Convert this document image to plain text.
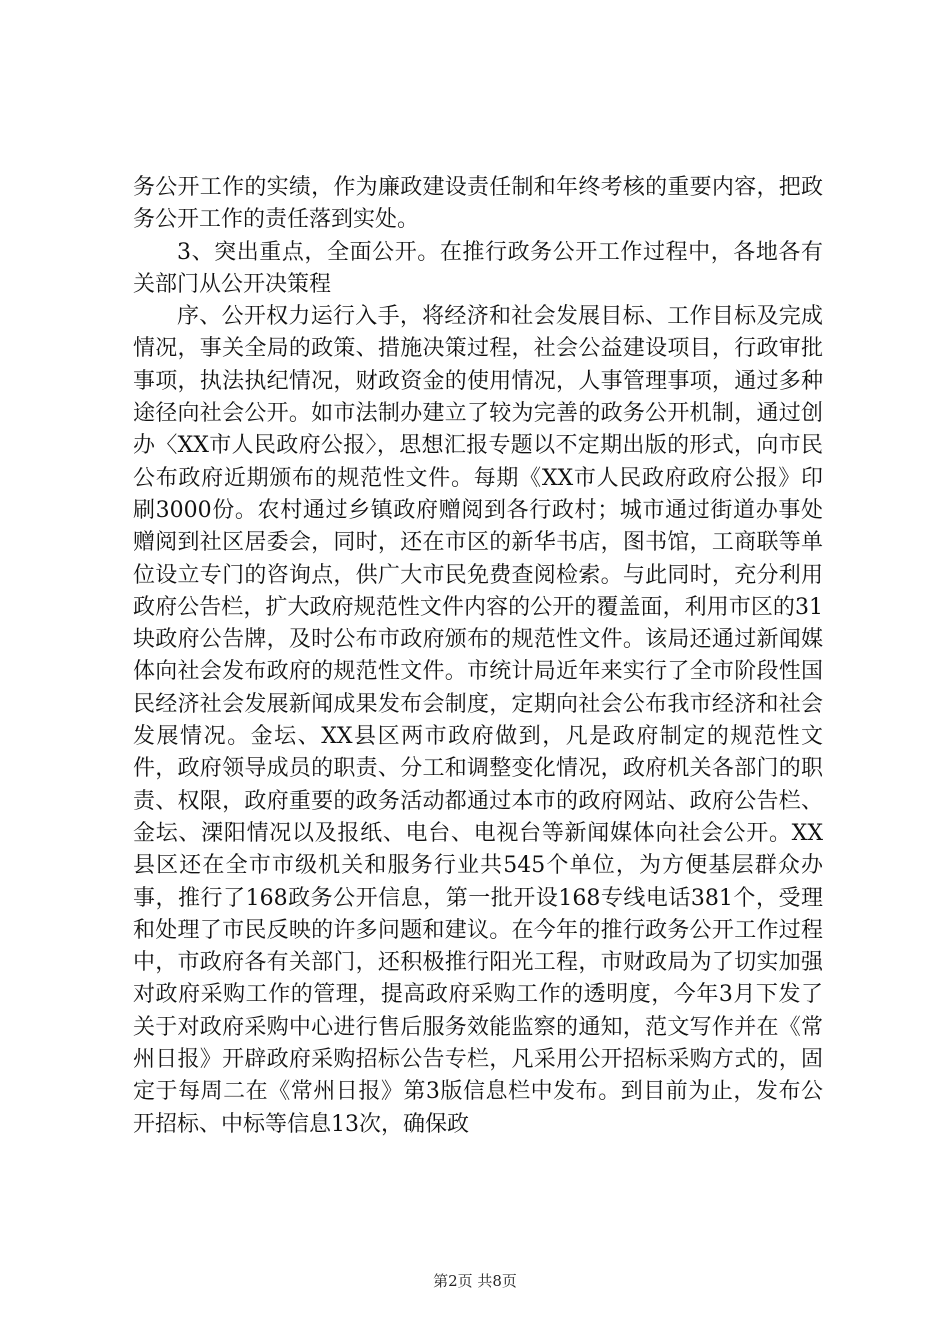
务公开工作的实绩，作为廉政建设责任制和年终考核的重要内容，把政务公开工作的责任落到实处。

3、突出重点，全面公开。在推行政务公开工作过程中，各地各有关部门从公开决策程

序、公开权力运行入手，将经济和社会发展目标、工作目标及完成情况，事关全局的政策、措施决策过程，社会公益建设项目，行政审批事项，执法执纪情况，财政资金的使用情况，人事管理事项，通过多种途径向社会公开。如市法制办建立了较为完善的政务公开机制，通过创办〈XX市人民政府公报〉，思想汇报专题以不定期出版的形式，向市民公布政府近期颁布的规范性文件。每期《XX市人民政府政府公报》印刷3000份。农村通过乡镇政府赠阅到各行政村；城市通过街道办事处赠阅到社区居委会，同时，还在市区的新华书店，图书馆，工商联等单位设立专门的咨询点，供广大市民免费查阅检索。与此同时，充分利用政府公告栏，扩大政府规范性文件内容的公开的覆盖面，利用市区的31块政府公告牌，及时公布市政府颁布的规范性文件。该局还通过新闻媒体向社会发布政府的规范性文件。市统计局近年来实行了全市阶段性国民经济社会发展新闻成果发布会制度，定期向社会公布我市经济和社会发展情况。金坛、XX县区两市政府做到，凡是政府制定的规范性文件，政府领导成员的职责、分工和调整变化情况，政府机关各部门的职责、权限，政府重要的政务活动都通过本市的政府网站、政府公告栏、金坛、溧阳情况以及报纸、电台、电视台等新闻媒体向社会公开。XX县区还在全市市级机关和服务行业共545个单位，为方便基层群众办事，推行了168政务公开信息，第一批开设168专线电话381个，受理和处理了市民反映的许多问题和建议。在今年的推行政务公开工作过程中，市政府各有关部门，还积极推行阳光工程，市财政局为了切实加强对政府采购工作的管理，提高政府采购工作的透明度，今年3月下发了关于对政府采购中心进行售后服务效能监察的通知，范文写作并在《常州日报》开辟政府采购招标公告专栏，凡采用公开招标采购方式的，固定于每周二在《常州日报》第3版信息栏中发布。到目前为止，发布公开招标、中标等信息13次，确保政

第2页 共8页
